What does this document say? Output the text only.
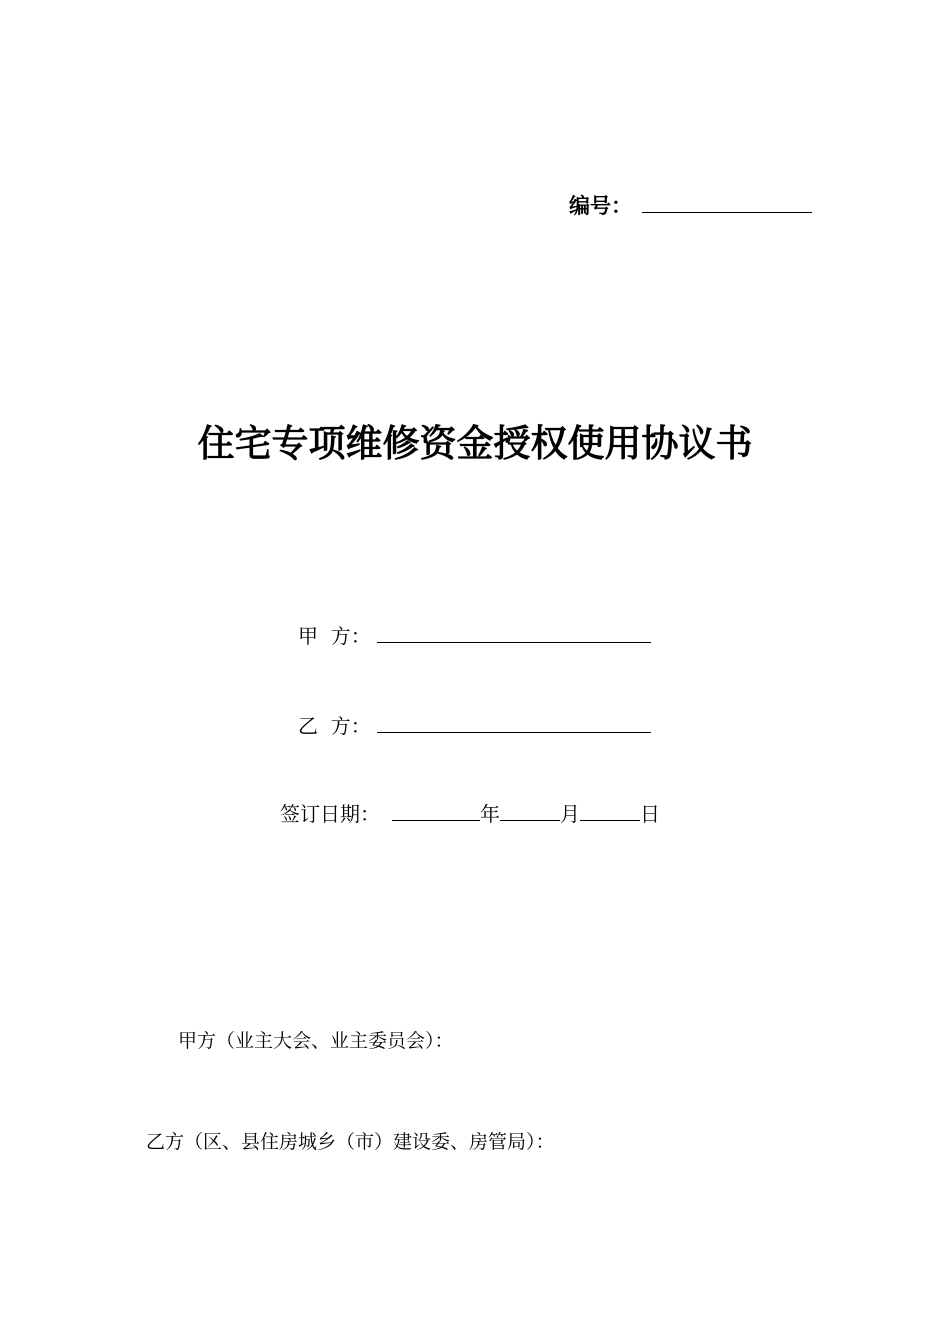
编号：
住宅专项维修资金授权使用协议书
甲  方：
乙  方：
签订日期：	年	月	日
甲方（业主大会、业主委员会）：
乙方（区、县住房城乡（市）建设委、房管局）：
